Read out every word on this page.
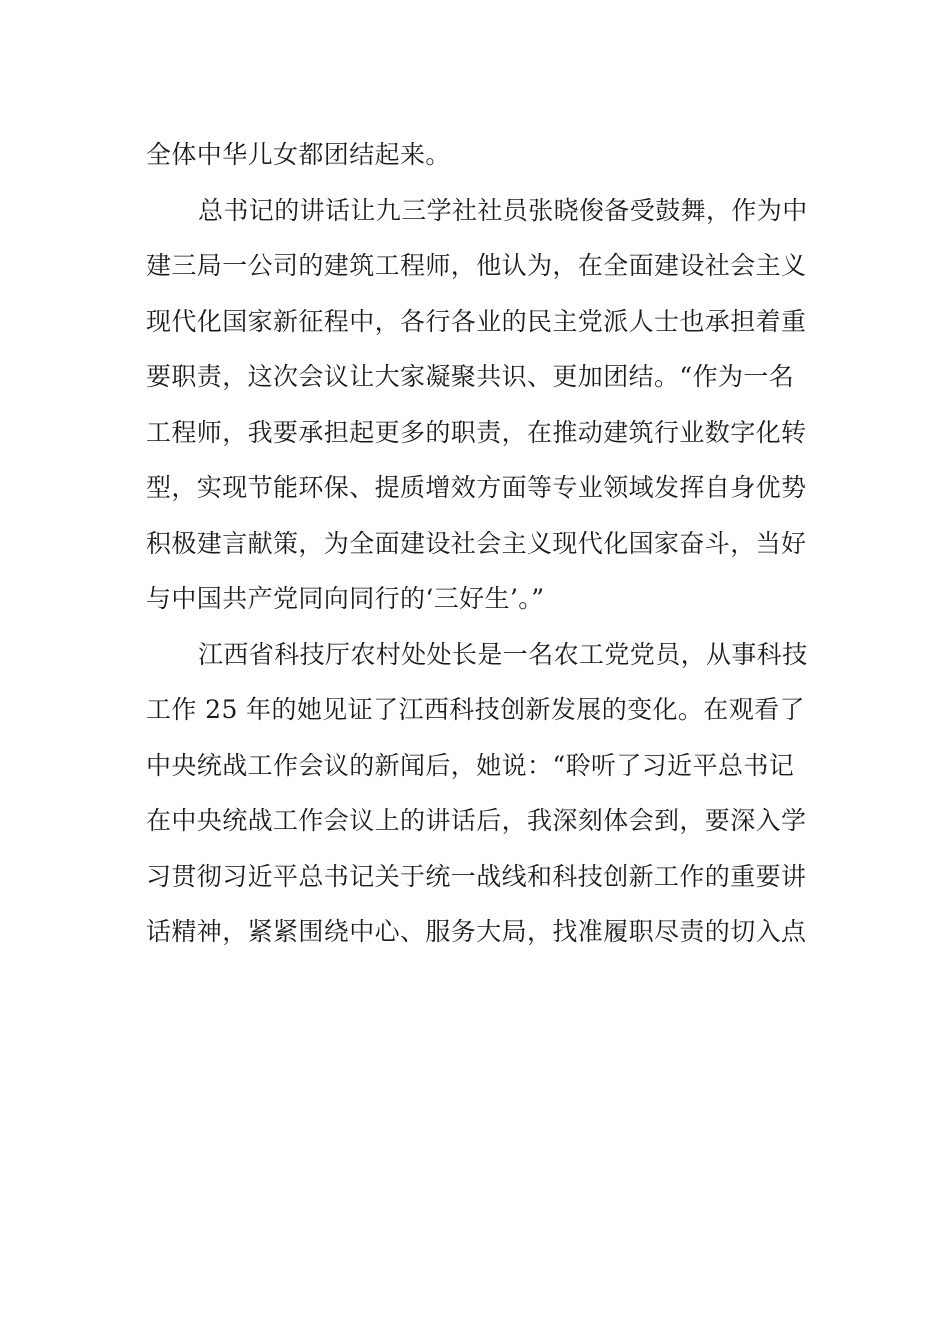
全体中华儿女都团结起来。
总书记的讲话让九三学社社员张晓俊备受鼓舞，作为中
建三局一公司的建筑工程师，他认为，在全面建设社会主义
现代化国家新征程中，各行各业的民主党派人士也承担着重
要职责，这次会议让大家凝聚共识、更加团结。“作为一名
工程师，我要承担起更多的职责，在推动建筑行业数字化转
型，实现节能环保、提质增效方面等专业领域发挥自身优势
积极建言献策，为全面建设社会主义现代化国家奋斗，当好
与中国共产党同向同行的‘三好生’。”
江西省科技厅农村处处长是一名农工党党员，从事科技
工作 25 年的她见证了江西科技创新发展的变化。在观看了
中央统战工作会议的新闻后，她说：“聆听了习近平总书记
在中央统战工作会议上的讲话后，我深刻体会到，要深入学
习贯彻习近平总书记关于统一战线和科技创新工作的重要讲
话精神，紧紧围绕中心、服务大局，找准履职尽责的切入点
